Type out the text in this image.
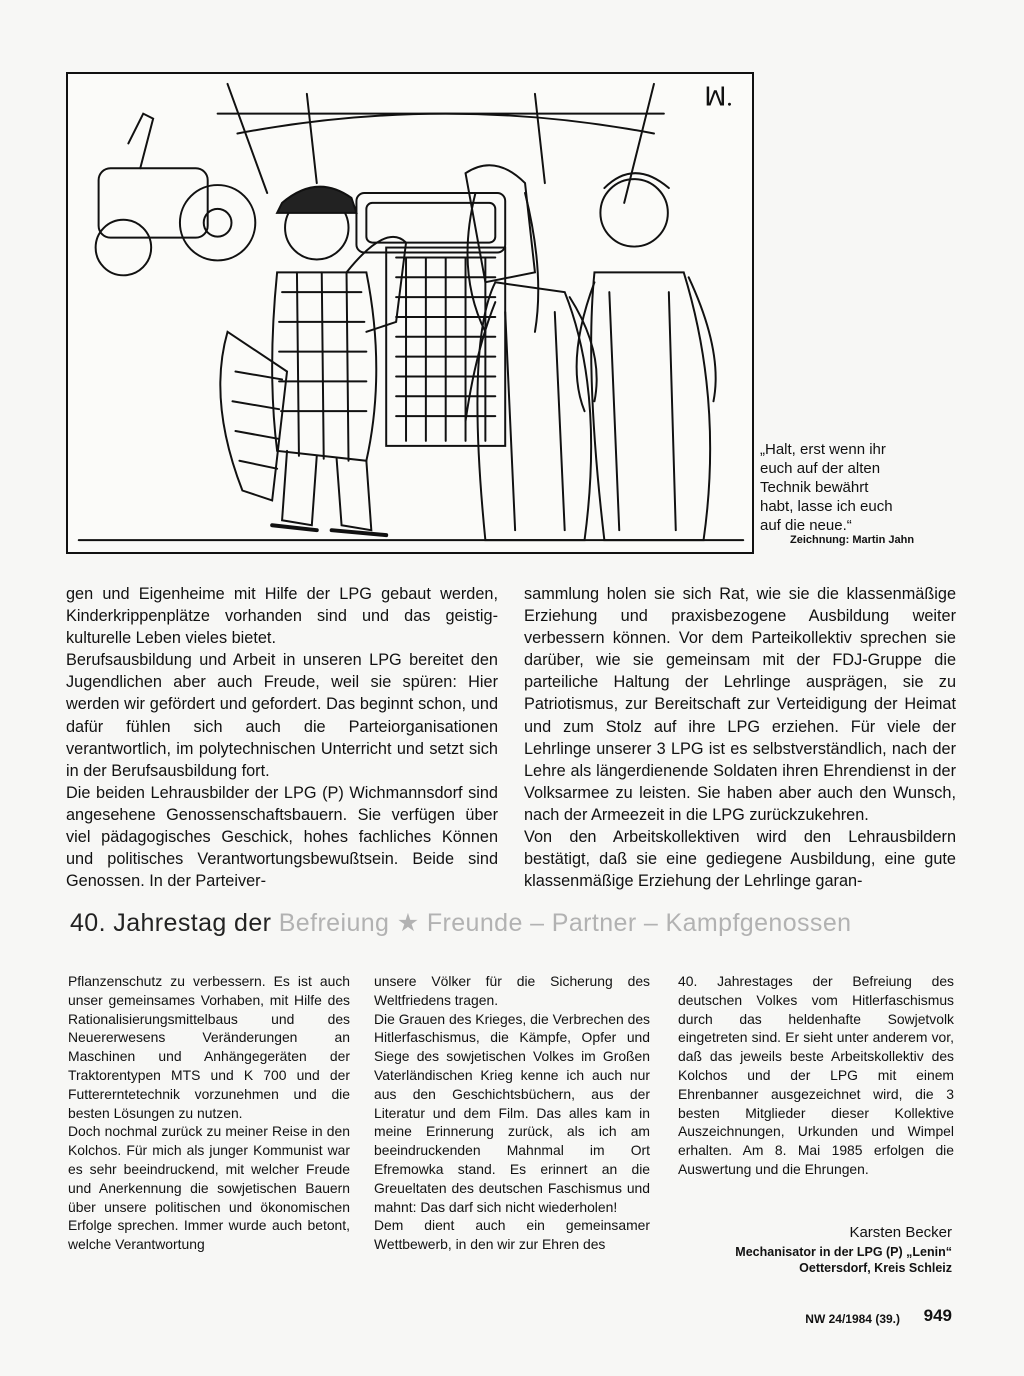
ꟽ.
„Halt, erst wenn ihr
euch auf der alten
Technik bewährt
habt, lasse ich euch
auf die neue.“
Zeichnung: Martin Jahn

gen und Eigenheime mit Hilfe der LPG gebaut werden, Kinderkrippenplätze vorhanden sind und das geistig-kulturelle Leben vieles bietet.

Berufsausbildung und Arbeit in unseren LPG bereitet den Jugendlichen aber auch Freude, weil sie spüren: Hier werden wir gefördert und gefordert. Das beginnt schon, und dafür fühlen sich auch die Parteiorganisationen verantwortlich, im polytechnischen Unterricht und setzt sich in der Berufsausbildung fort.

Die beiden Lehrausbilder der LPG (P) Wichmannsdorf sind angesehene Genossenschaftsbauern. Sie verfügen über viel pädagogisches Geschick, hohes fachliches Können und politisches Verantwortungsbewußtsein. Beide sind Genossen. In der Parteiver-

sammlung holen sie sich Rat, wie sie die klassenmäßige Erziehung und praxisbezogene Ausbildung weiter verbessern können. Vor dem Parteikollektiv sprechen sie darüber, wie sie gemeinsam mit der FDJ-Gruppe die parteiliche Haltung der Lehrlinge ausprägen, sie zu Patriotismus, zur Bereitschaft zur Verteidigung der Heimat und zum Stolz auf ihre LPG erziehen. Für viele der Lehrlinge unserer 3 LPG ist es selbstverständlich, nach der Lehre als längerdienende Soldaten ihren Ehrendienst in der Volksarmee zu leisten. Sie haben aber auch den Wunsch, nach der Armeezeit in die LPG zurückzukehren.

Von den Arbeitskollektiven wird den Lehrausbildern bestätigt, daß sie eine gediegene Ausbildung, eine gute klassenmäßige Erziehung der Lehrlinge garan-

40. Jahrestag der Befreiung ★ Freunde – Partner – Kampfgenossen

Pflanzenschutz zu verbessern. Es ist auch unser gemeinsames Vorhaben, mit Hilfe des Rationalisierungsmittelbaus und des Neuererwesens Veränderungen an Maschinen und Anhängegeräten der Traktorentypen MTS und K 700 und der Futtererntetechnik vorzunehmen und die besten Lösungen zu nutzen.

Doch nochmal zurück zu meiner Reise in den Kolchos. Für mich als junger Kommunist war es sehr beeindruckend, mit welcher Freude und Anerkennung die sowjetischen Bauern über unsere politischen und ökonomischen Erfolge sprechen. Immer wurde auch betont, welche Verantwortung

unsere Völker für die Sicherung des Weltfriedens tragen.

Die Grauen des Krieges, die Verbrechen des Hitlerfaschismus, die Kämpfe, Opfer und Siege des sowjetischen Volkes im Großen Vaterländischen Krieg kenne ich auch nur aus den Geschichtsbüchern, aus der Literatur und dem Film. Das alles kam in meine Erinnerung zurück, als ich am beeindruckenden Mahnmal im Ort Efremowka stand. Es erinnert an die Greueltaten des deutschen Faschismus und mahnt: Das darf sich nicht wiederholen!

Dem dient auch ein gemeinsamer Wettbewerb, in den wir zur Ehren des

40. Jahrestages der Befreiung des deutschen Volkes vom Hitlerfaschismus durch das heldenhafte Sowjetvolk eingetreten sind. Er sieht unter anderem vor, daß das jeweils beste Arbeitskollektiv des Kolchos und der LPG mit einem Ehrenbanner ausgezeichnet wird, die 3 besten Mitglieder dieser Kollektive Auszeichnungen, Urkunden und Wimpel erhalten. Am 8. Mai 1985 erfolgen die Auswertung und die Ehrungen.

Karsten Becker
Mechanisator in der LPG (P) „Lenin“
Oettersdorf, Kreis Schleiz
NW 24/1984 (39.)	949
